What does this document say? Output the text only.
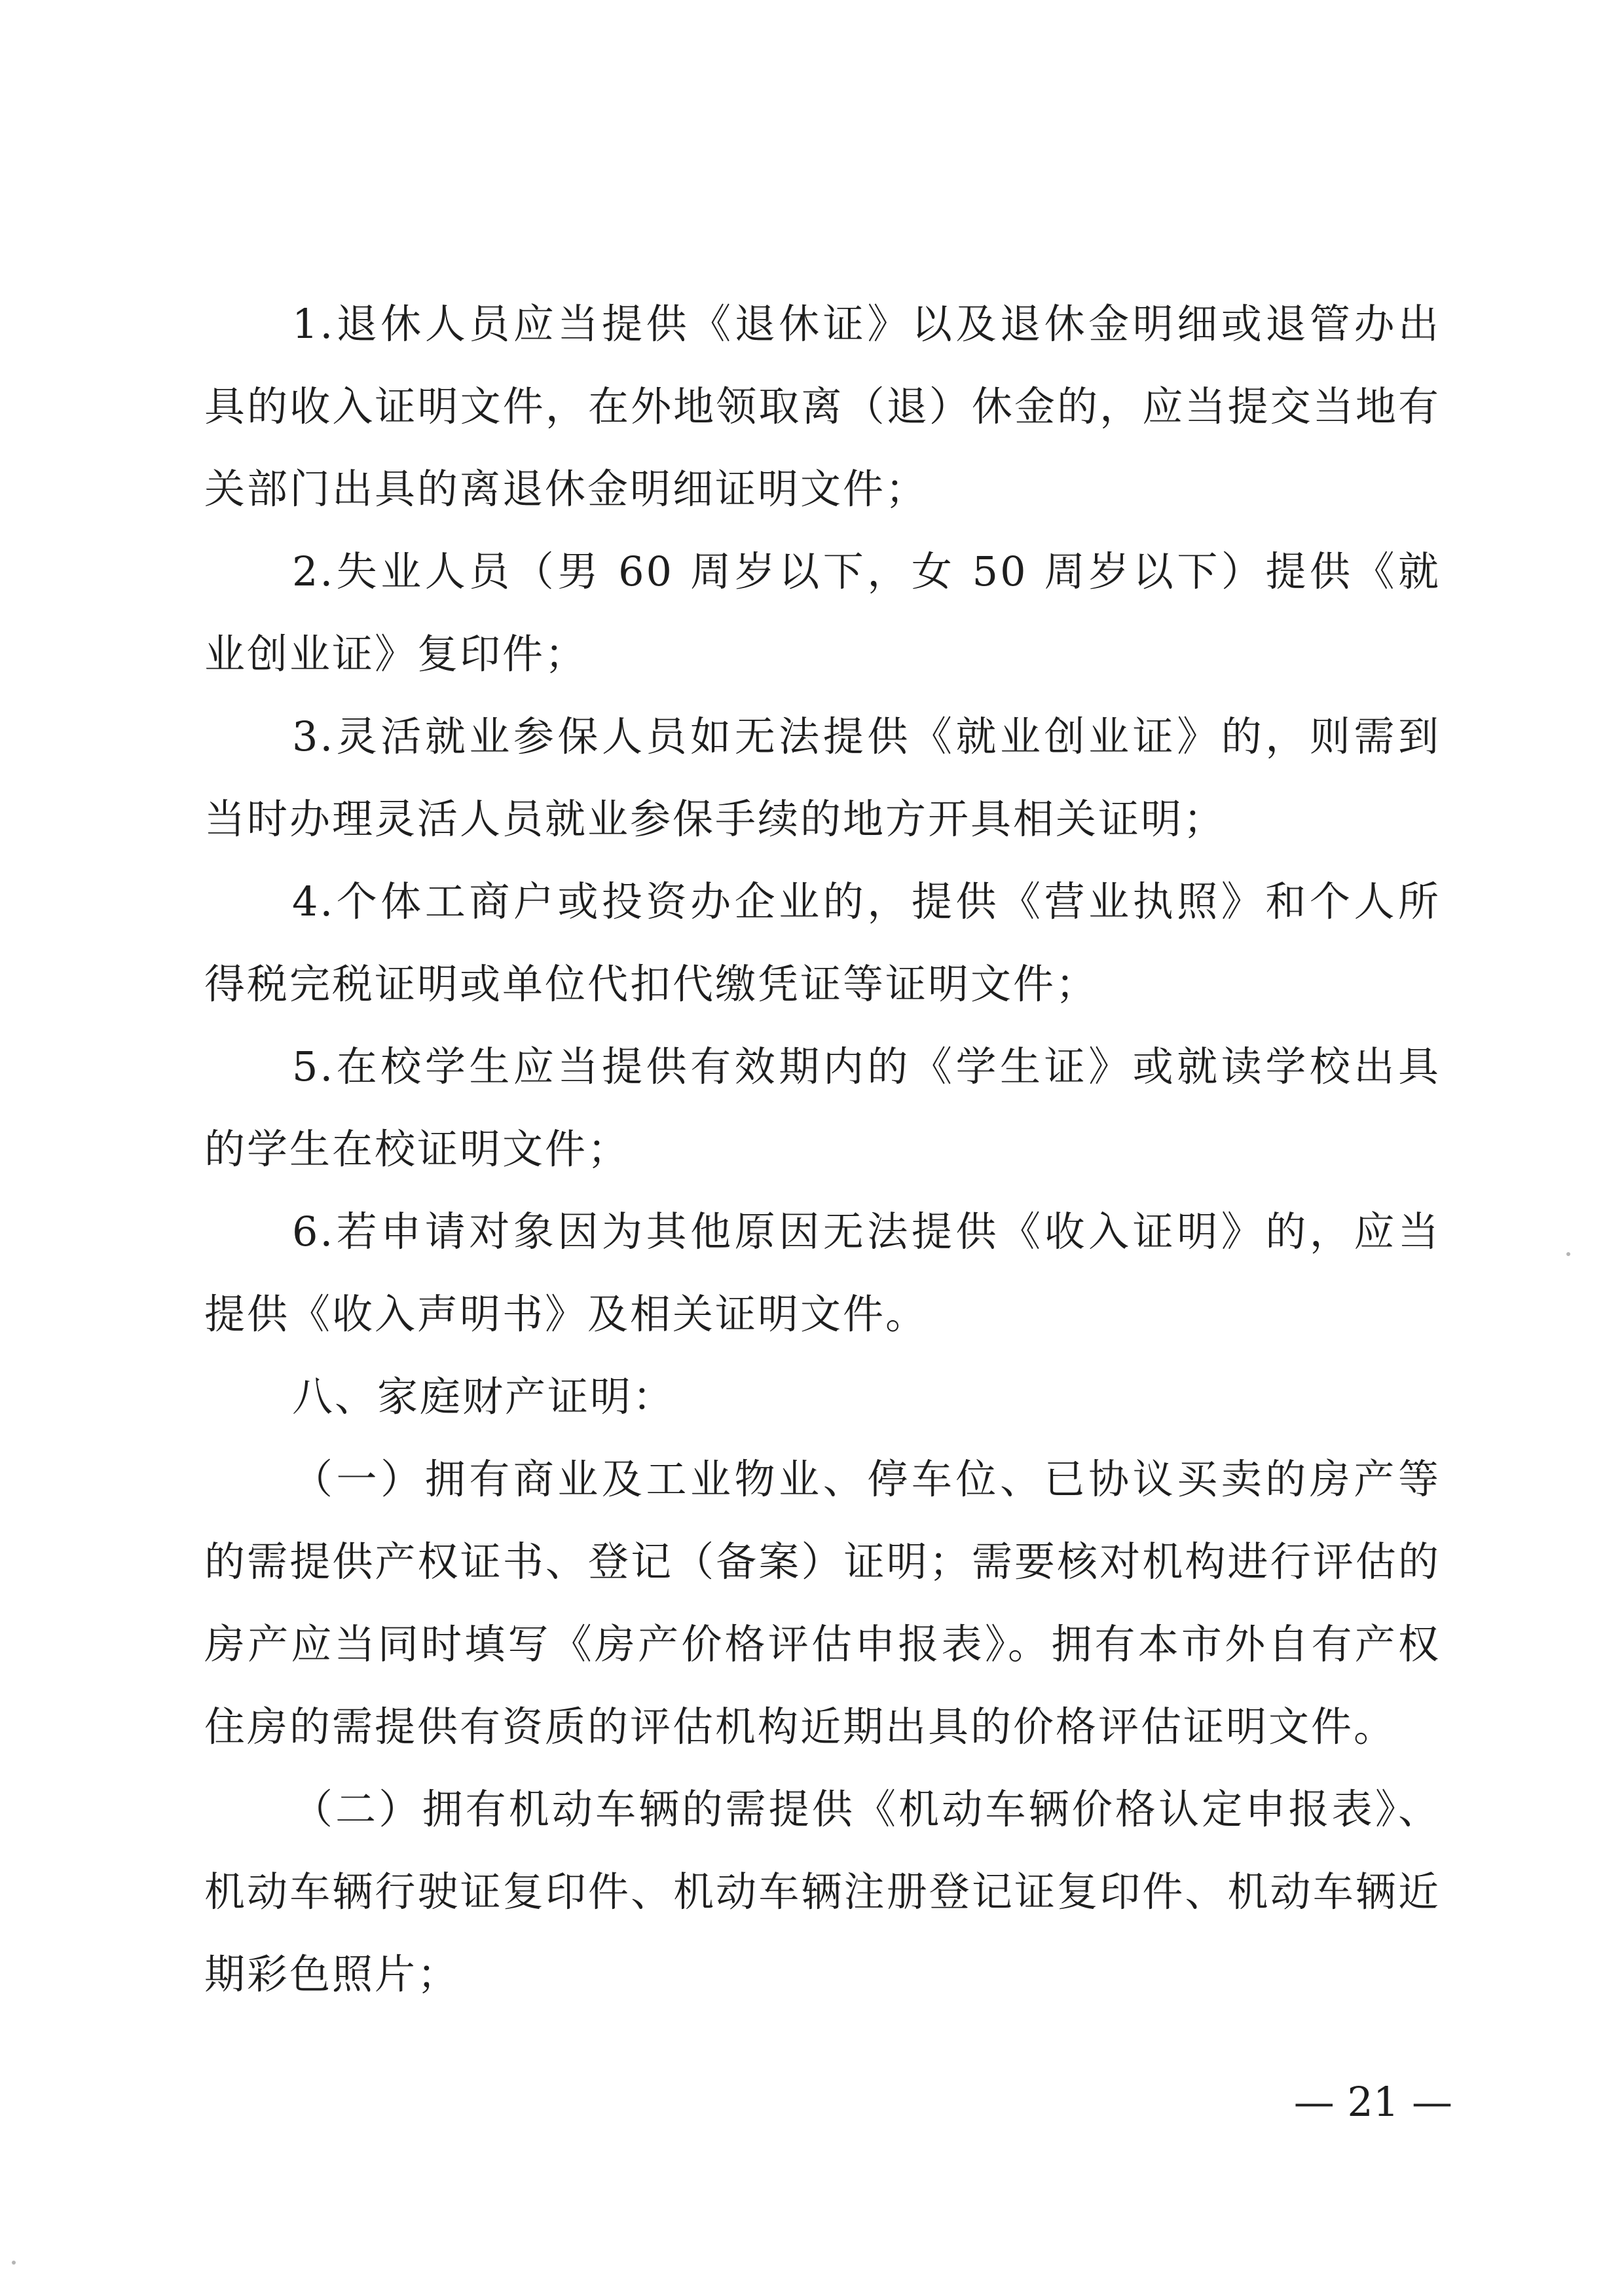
1.退休人员应当提供《退休证》以及退休金明细或退管办出具的收入证明文件，在外地领取离（退）休金的，应当提交当地有关部门出具的离退休金明细证明文件；

2.失业人员（男 60 周岁以下，女 50 周岁以下）提供《就业创业证》复印件；

3.灵活就业参保人员如无法提供《就业创业证》的，则需到当时办理灵活人员就业参保手续的地方开具相关证明；

4.个体工商户或投资办企业的，提供《营业执照》和个人所得税完税证明或单位代扣代缴凭证等证明文件；

5.在校学生应当提供有效期内的《学生证》或就读学校出具的学生在校证明文件；

6.若申请对象因为其他原因无法提供《收入证明》的，应当提供《收入声明书》及相关证明文件。

八、家庭财产证明：

（一）拥有商业及工业物业、停车位、已协议买卖的房产等的需提供产权证书、登记（备案）证明；需要核对机构进行评估的房产应当同时填写《房产价格评估申报表》。拥有本市外自有产权住房的需提供有资质的评估机构近期出具的价格评估证明文件。

（二）拥有机动车辆的需提供《机动车辆价格认定申报表》、机动车辆行驶证复印件、机动车辆注册登记证复印件、机动车辆近期彩色照片；

— 21 —
